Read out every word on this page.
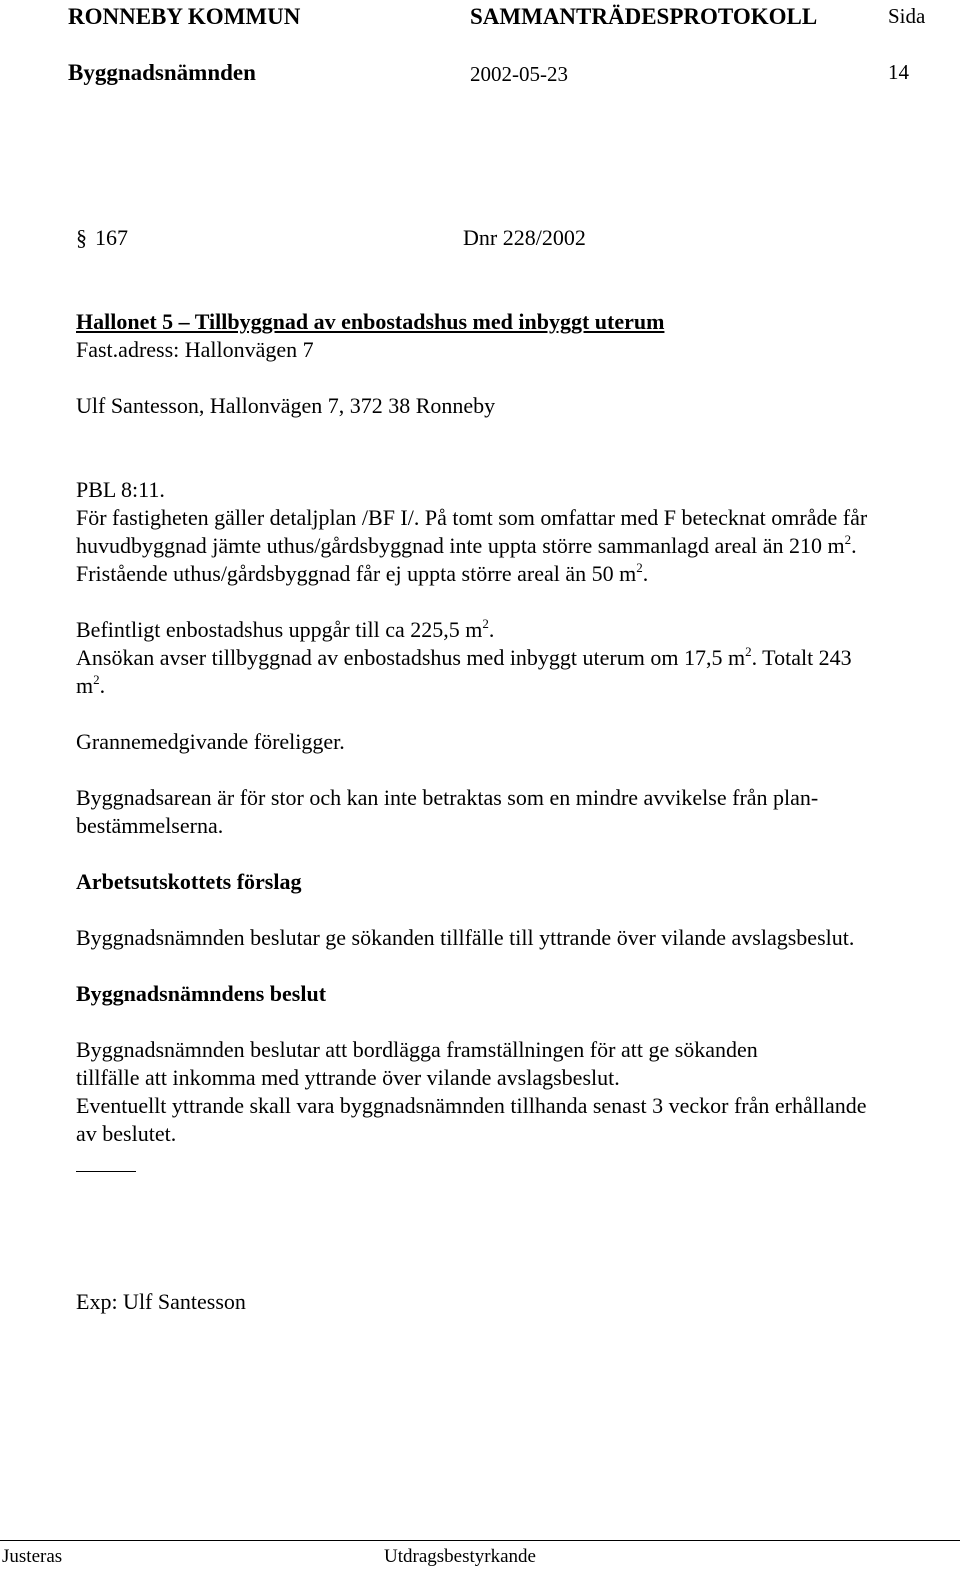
RONNEBY KOMMUN	SAMMANTRÄDESPROTOKOLL	Sida
Byggnadsnämnden	2002-05-23	14
§ 167	Dnr 228/2002
Hallonet 5 – Tillbyggnad av enbostadshus med inbyggt uterum
Fast.adress: Hallonvägen 7
Ulf Santesson, Hallonvägen 7, 372 38 Ronneby
PBL 8:11.
För fastigheten gäller detaljplan /BF I/. På tomt som omfattar med F betecknat område får
huvudbyggnad jämte uthus/gårdsbyggnad inte uppta större sammanlagd areal än 210 $m^2$.
Fristående uthus/gårdsbyggnad får ej uppta större areal än 50 $m^2$.
Befintligt enbostadshus uppgår till ca 225,5 $m^2$.
Ansökan avser tillbyggnad av enbostadshus med inbyggt uterum om 17,5 $m^2$. Totalt 243
$m^2$.
Grannemedgivande föreligger.
Byggnadsarean är för stor och kan inte betraktas som en mindre avvikelse från plan-
bestämmelserna.
Arbetsutskottets förslag
Byggnadsnämnden beslutar ge sökanden tillfälle till yttrande över vilande avslagsbeslut.
Byggnadsnämndens beslut
Byggnadsnämnden beslutar att bordlägga framställningen för att ge sökanden
tillfälle att inkomma med yttrande över vilande avslagsbeslut.
Eventuellt yttrande skall vara byggnadsnämnden tillhanda senast 3 veckor från erhållande
av beslutet.
Exp: Ulf Santesson
Justeras	Utdragsbestyrkande
